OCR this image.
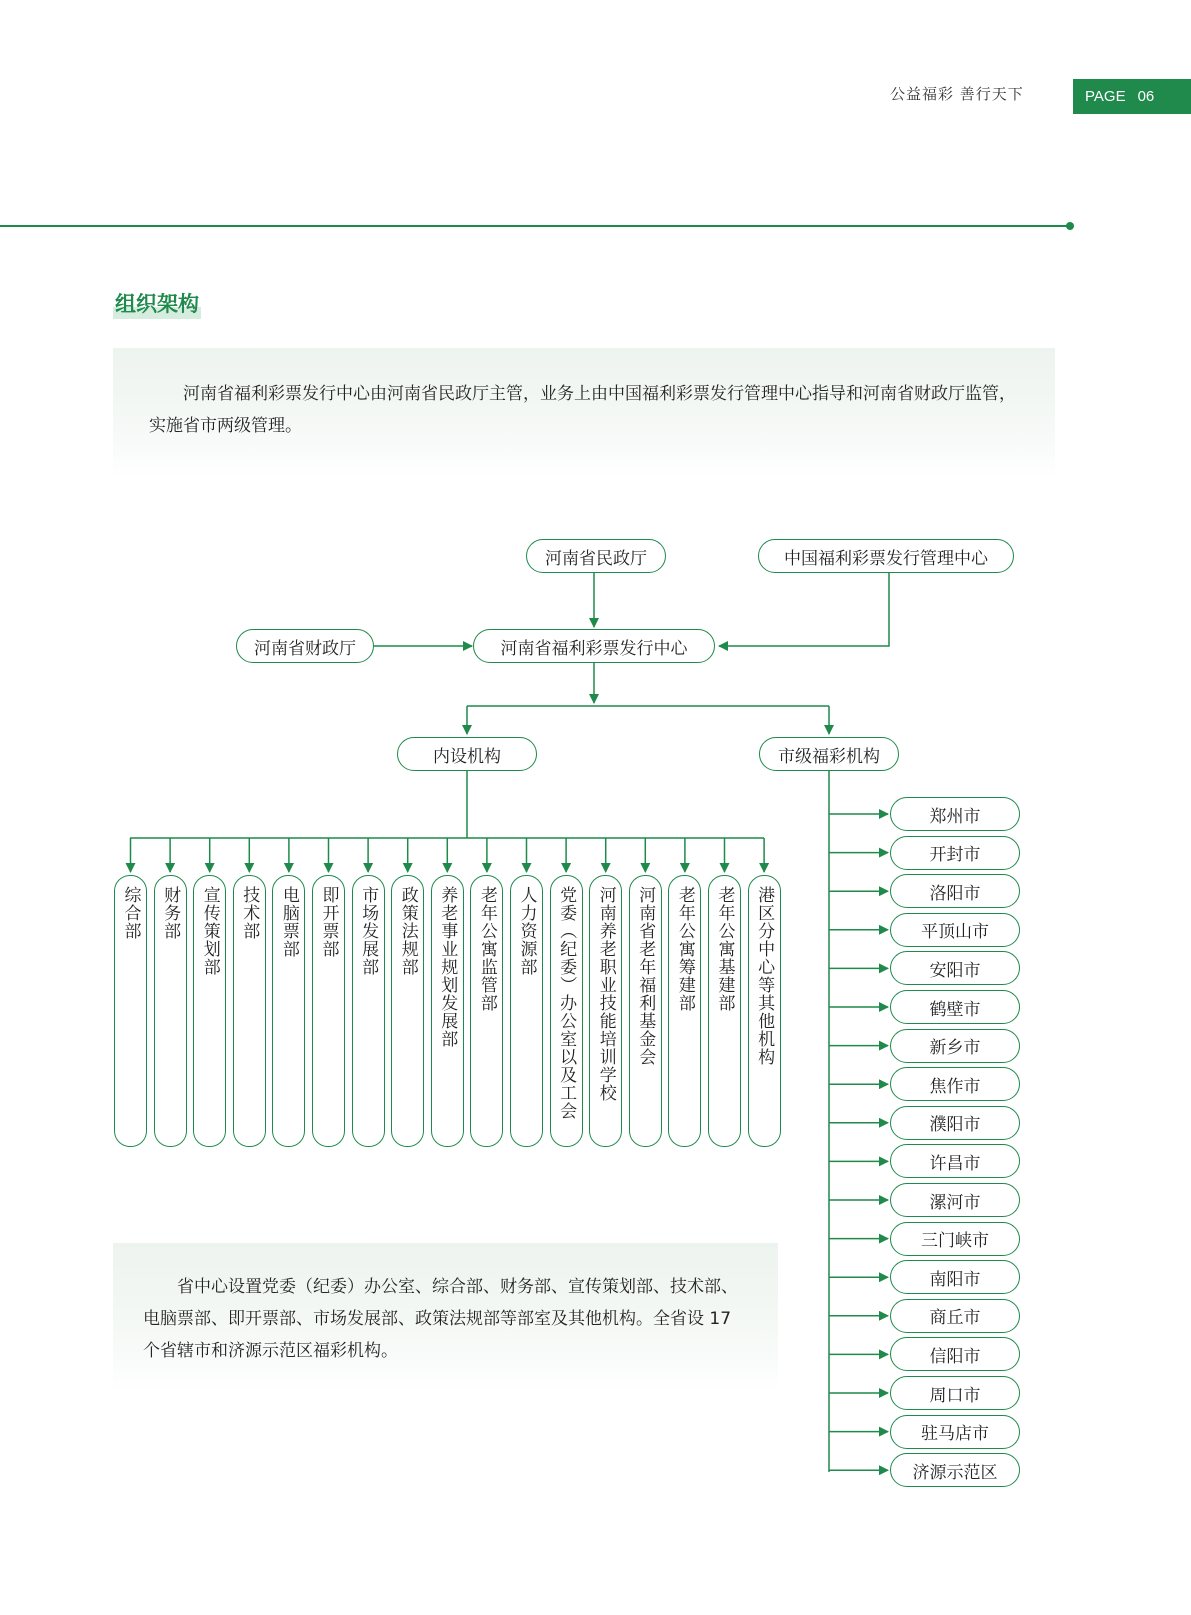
公益福彩 善行天下	PAGE 06
组织架构
河南省福利彩票发行中心由河南省民政厅主管，业务上由中国福利彩票发行管理中心指导和河南省财政厅监管，实施省市两级管理。
河南省民政厅	中国福利彩票发行管理中心
河南省财政厅	河南省福利彩票发行中心
内设机构	市级福彩机构
综合部 财务部 宣传策划部 技术部 电脑票部 即开票部 市场发展部 政策法规部 养老事业规划发展部 老年公寓监管部 人力资源部 党委（纪委）办公室以及工会 河南养老职业技能培训学校 河南省老年福利基金会 老年公寓筹建部 老年公寓基建部 港区分中心等其他机构
郑州市
开封市
洛阳市
平顶山市
安阳市
鹤壁市
新乡市
焦作市
濮阳市
许昌市
漯河市
三门峡市
南阳市
商丘市
信阳市
周口市
驻马店市
济源示范区
省中心设置党委（纪委）办公室、综合部、财务部、宣传策划部、技术部、电脑票部、即开票部、市场发展部、政策法规部等部室及其他机构。全省设 17 个省辖市和济源示范区福彩机构。
